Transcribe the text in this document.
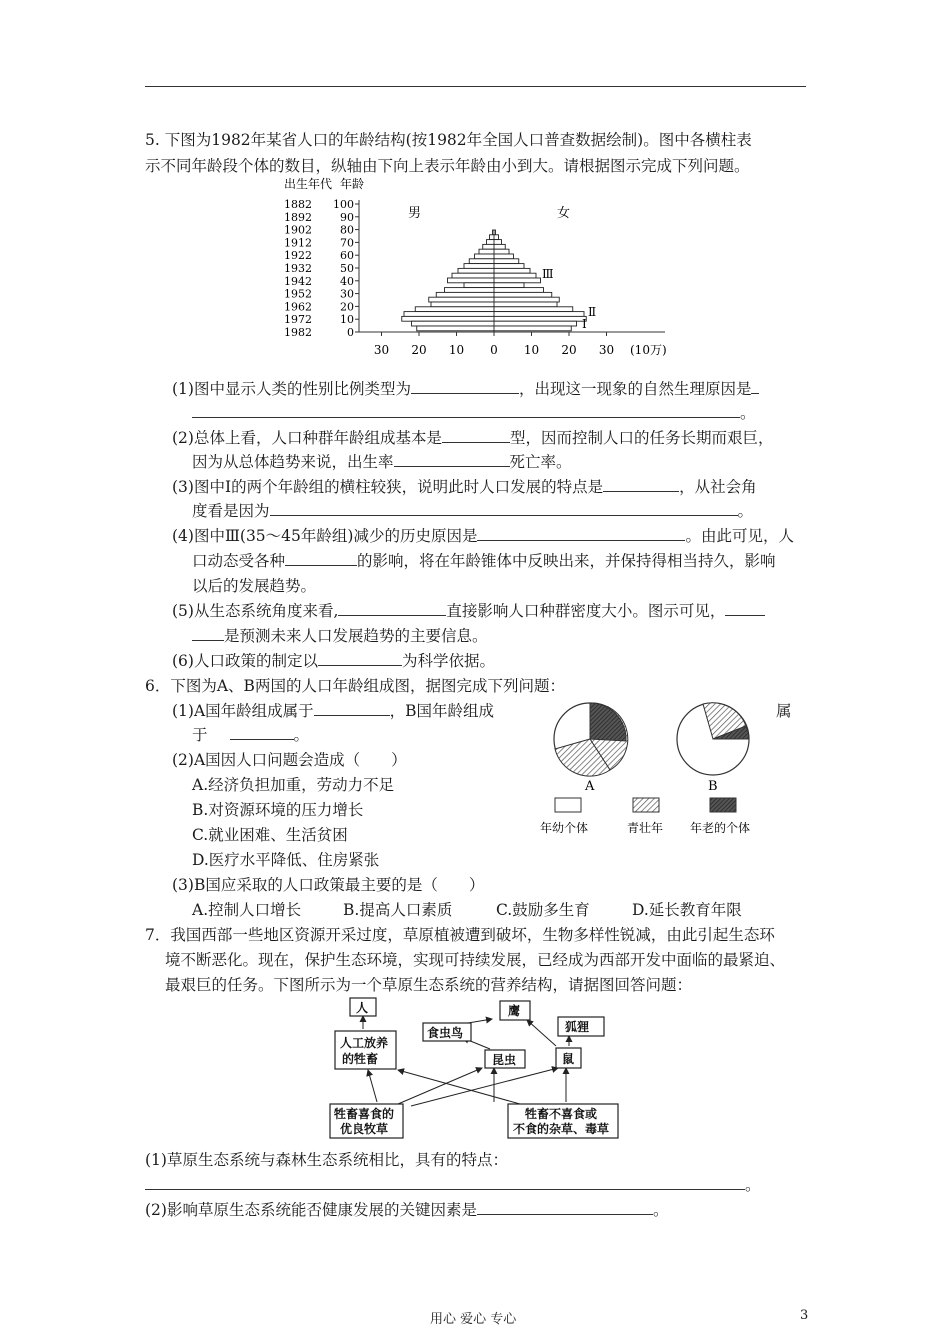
5. 下图为1982年某省人口的年龄结构(按1982年全国人口普查数据绘制)。图中各横柱表
示不同年龄段个体的数目，纵轴由下向上表示年龄由小到大。请根据图示完成下列问题。
出生年代 年龄
1882
1892
1902
1912
1922
1932
1942
1952
1962
1972
1982
100
90
80
70
60
50
40
30
20
10
0
30 20 10 0 10 20 30
男	女
Ⅲ
Ⅱ
Ⅰ
(10万)
(1)图中显示人类的性别比例类型为	，出现这一现象的自然生理原因是
。
(2)总体上看，人口种群年龄组成基本是	型，因而控制人口的任务长期而艰巨，
因为从总体趋势来说，出生率	死亡率。
(3)图中Ⅰ的两个年龄组的横柱较狭，说明此时人口发展的特点是	，从社会角
度看是因为	。
(4)图中Ⅲ(35～45年龄组)减少的历史原因是	。由此可见，人
口动态受各种	的影响，将在年龄锥体中反映出来，并保持得相当持久，影响
以后的发展趋势。
(5)从生态系统角度来看,	直接影响人口种群密度大小。图示可见，
是预测未来人口发展趋势的主要信息。
(6)人口政策的制定以	为科学依据。
6．下图为A、B两国的人口年龄组成图，据图完成下列问题：
(1)A国年龄组成属于	，B国年龄组成	属
于	。
(2)A国因人口问题会造成（　　）
A.经济负担加重，劳动力不足
B.对资源环境的压力增长
C.就业困难、生活贫困
D.医疗水平降低、住房紧张
(3)B国应采取的人口政策最主要的是（　　）
A.控制人口增长	B.提高人口素质	C.鼓励多生育	D.延长教育年限
A	B
年幼个体	青壮年 年老的个体
7．我国西部一些地区资源开采过度，草原植被遭到破坏，生物多样性锐减，由此引起生态环
境不断恶化。现在，保护生态环境，实现可持续发展，已经成为西部开发中面临的最紧迫、
最艰巨的任务。下图所示为一个草原生态系统的营养结构，请据图回答问题：
人
人工放养
的牲畜
鹰
食虫鸟	狐狸
昆虫	鼠
牲畜喜食的
优良牧草
牲畜不喜食或
不食的杂草、毒草
(1)草原生态系统与森林生态系统相比，具有的特点：
。
(2)影响草原生态系统能否健康发展的关键因素是	。
用心 爱心 专心	3
